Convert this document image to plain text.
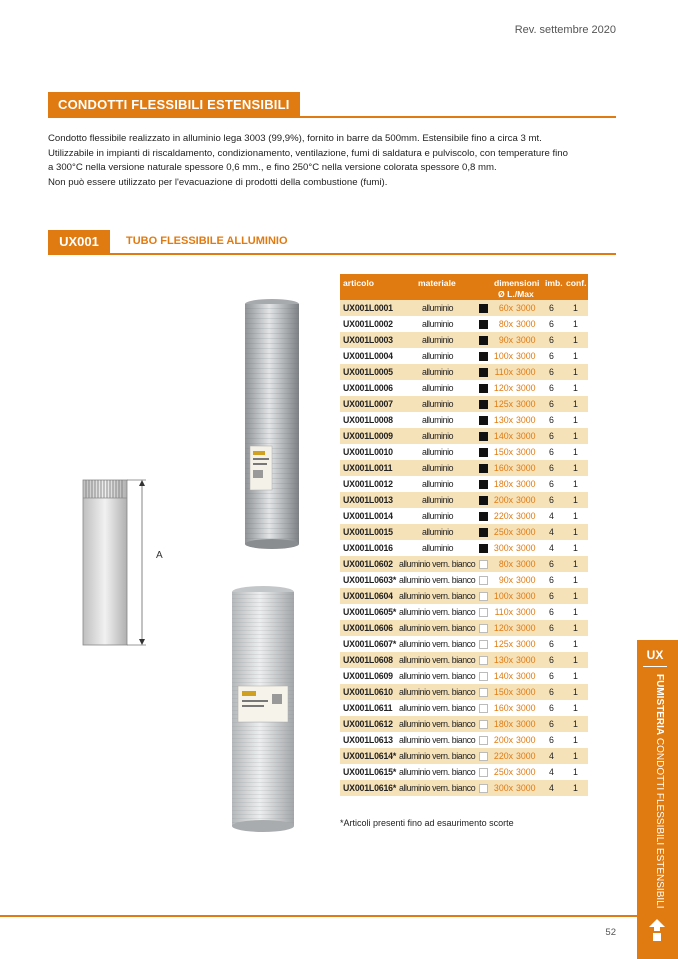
Rev. settembre 2020
CONDOTTI FLESSIBILI ESTENSIBILI

Condotto flessibile realizzato in alluminio lega 3003 (99,9%), fornito in barre da 500mm. Estensibile fino a circa 3 mt.

Utilizzabile in impianti di riscaldamento, condizionamento, ventilazione, fumi di saldatura e pulviscolo, con temperature fino

a 300°C nella versione naturale spessore 0,6 mm., e fino 250°C nella versione colorata spessore 0,8 mm.

Non può essere utilizzato per l'evacuazione di prodotti della combustione (fumi).

UX001	TUBO FLESSIBILE ALLUMINIO
A
articolo	materiale	dimensioni
Ø L./Max
imb. conf.
UX001L0001	alluminio	60x 3000 6 1
UX001L0002	alluminio	80x 3000 6 1
UX001L0003	alluminio	90x 3000 6 1
UX001L0004	alluminio	100x 3000 6 1
UX001L0005	alluminio	110x 3000 6 1
UX001L0006	alluminio	120x 3000 6 1
UX001L0007	alluminio	125x 3000 6 1
UX001L0008	alluminio	130x 3000 6 1
UX001L0009	alluminio	140x 3000 6 1
UX001L0010	alluminio	150x 3000 6 1
UX001L0011	alluminio	160x 3000 6 1
UX001L0012	alluminio	180x 3000 6 1
UX001L0013	alluminio	200x 3000 6 1
UX001L0014	alluminio	220x 3000 4 1
UX001L0015	alluminio	250x 3000 4 1
UX001L0016	alluminio	300x 3000 4 1
UX001L0602 alluminio vern. bianco	80x 3000 6 1
UX001L0603* alluminio vern. bianco	90x 3000 6 1
UX001L0604 alluminio vern. bianco	100x 3000 6 1
UX001L0605* alluminio vern. bianco	110x 3000 6 1
UX001L0606 alluminio vern. bianco	120x 3000 6 1
UX001L0607* alluminio vern. bianco	125x 3000 6 1
UX001L0608 alluminio vern. bianco	130x 3000 6 1
UX001L0609 alluminio vern. bianco	140x 3000 6 1
UX001L0610 alluminio vern. bianco	150x 3000 6 1
UX001L0611 alluminio vern. bianco	160x 3000 6 1
UX001L0612 alluminio vern. bianco	180x 3000 6 1
UX001L0613 alluminio vern. bianco	200x 3000 6 1
UX001L0614* alluminio vern. bianco	220x 3000 4 1
UX001L0615* alluminio vern. bianco	250x 3000 4 1
UX001L0616* alluminio vern. bianco	300x 3000 4 1
*Articoli presenti fino ad esaurimento scorte
UX
FUMISTERIA CONDOTTI FLESSIBILI ESTENSIBILI
52
